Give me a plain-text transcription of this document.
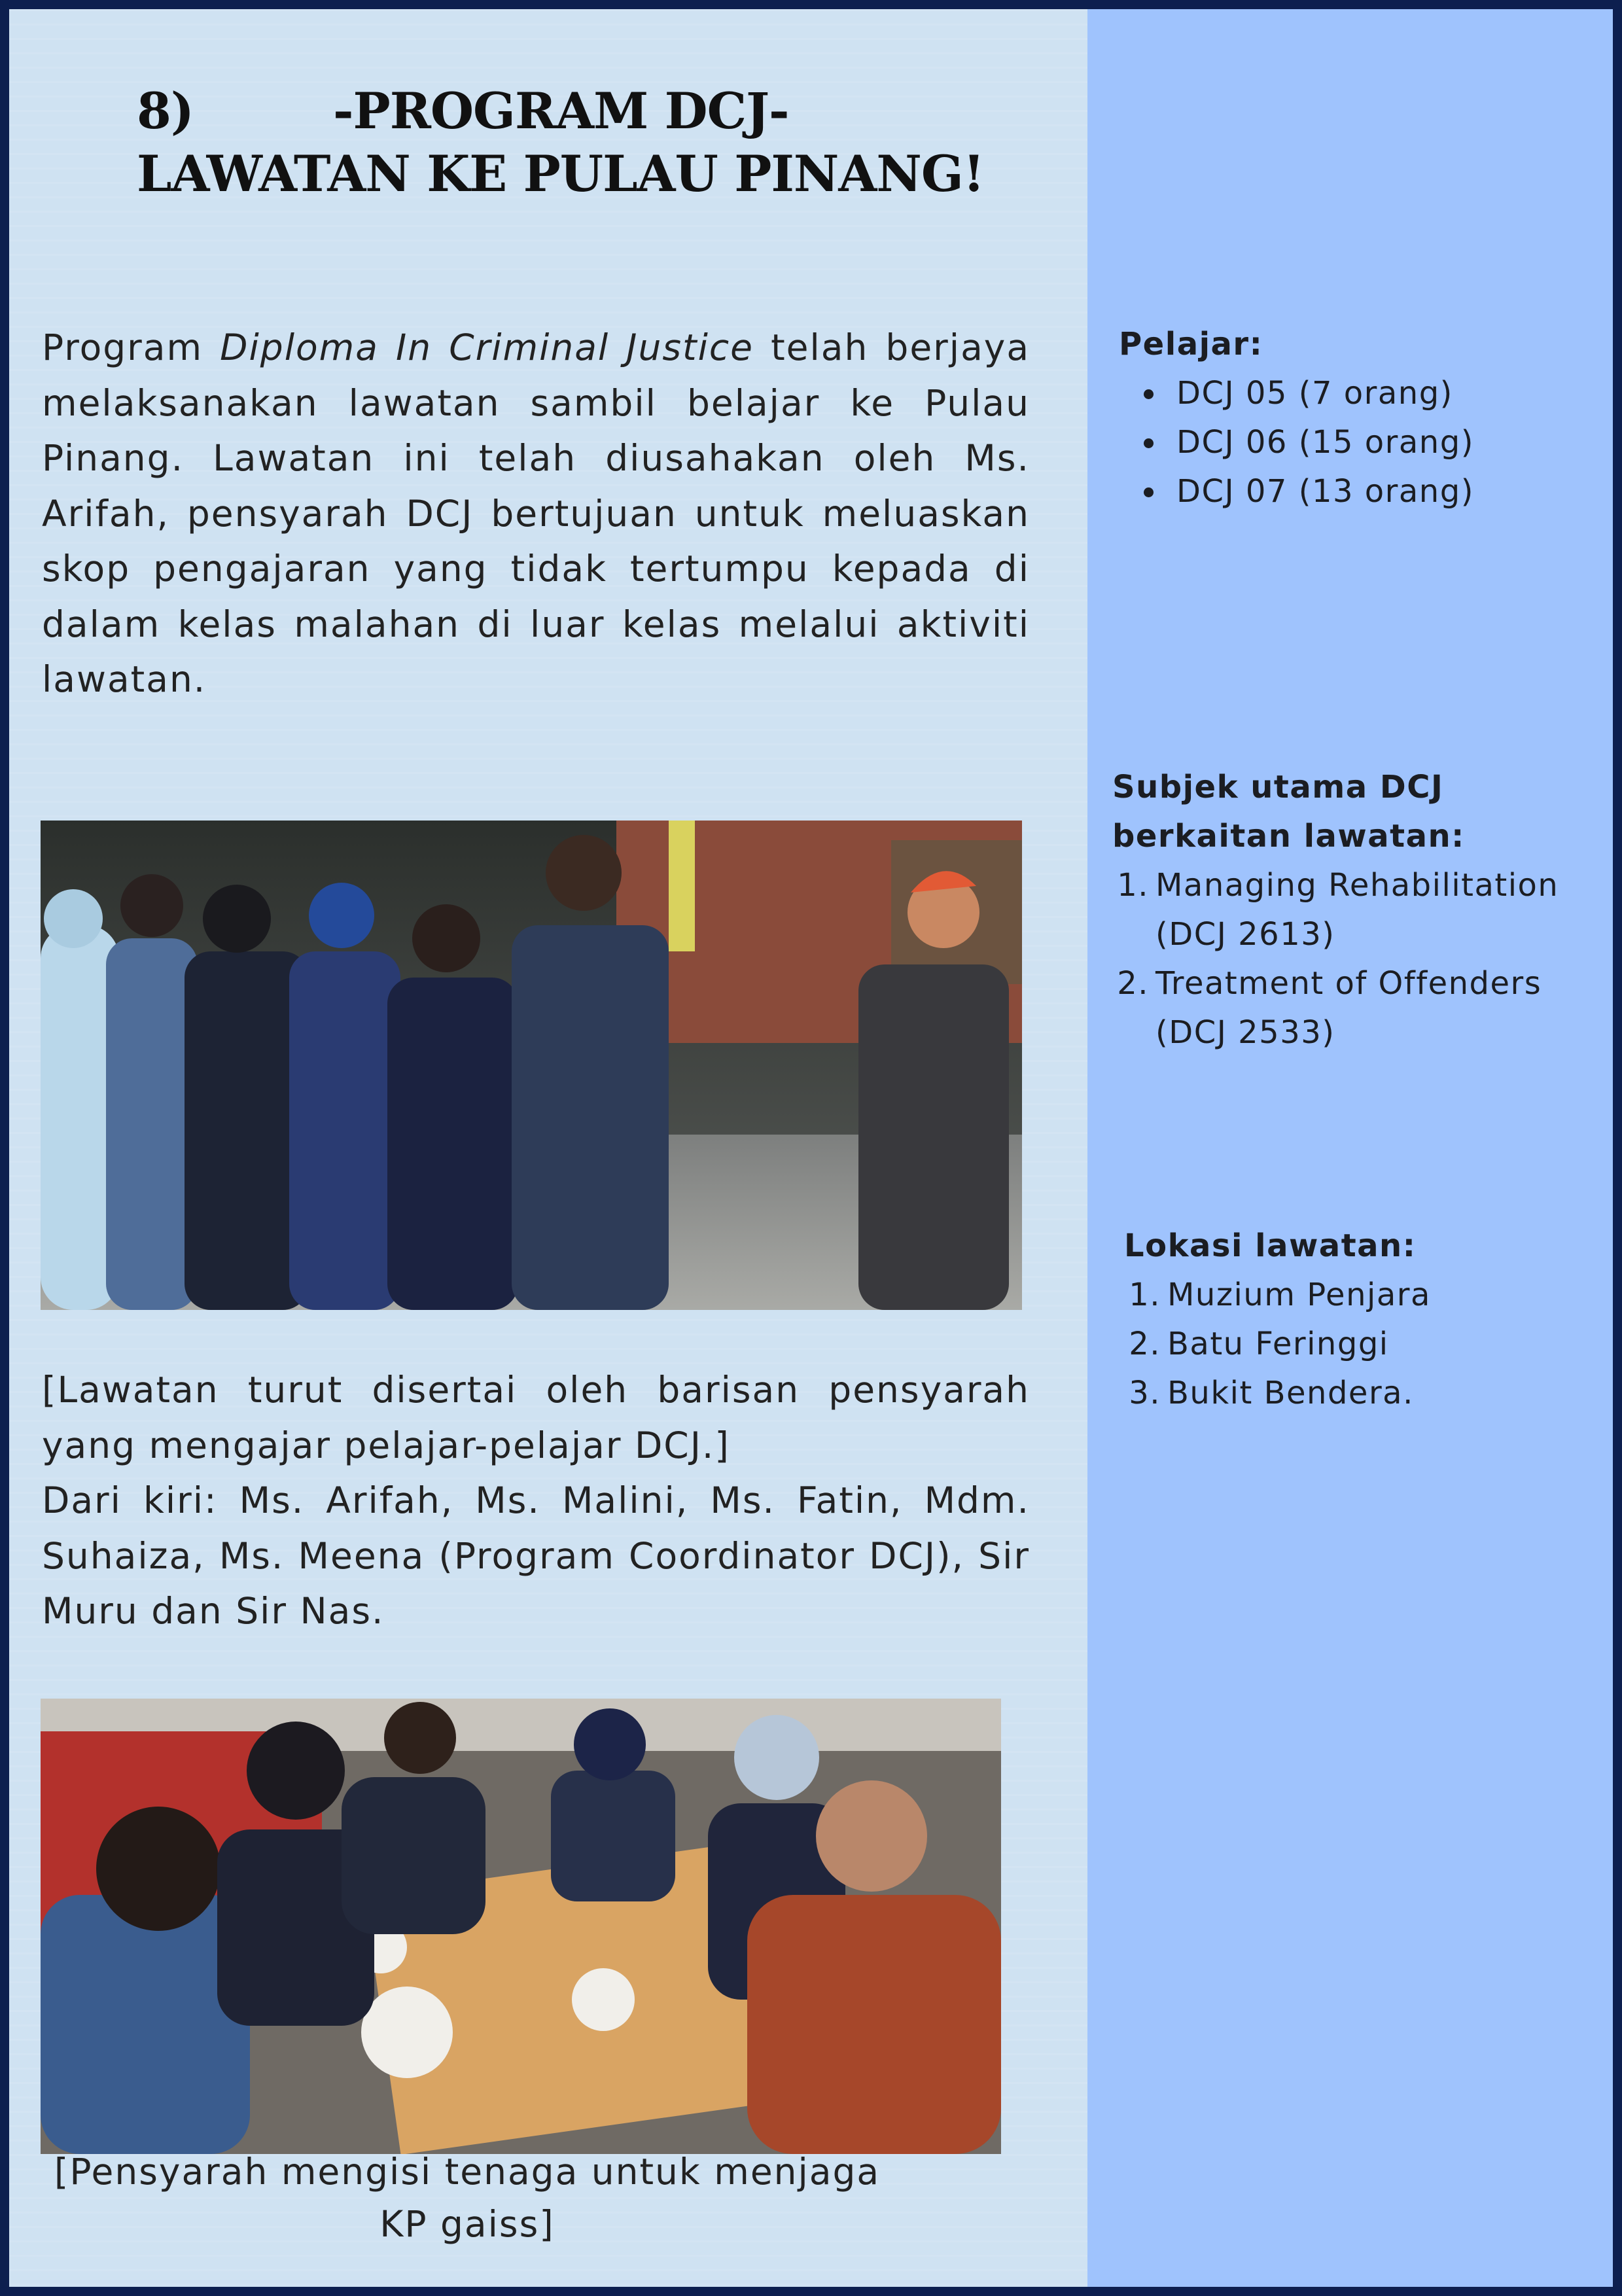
8)	-PROGRAM DCJ-
LAWATAN KE PULAU PINANG!
Program Diploma In Criminal Justice telah berjaya melaksanakan lawatan sambil belajar ke Pulau Pinang. Lawatan ini telah diusahakan oleh Ms. Arifah, pensyarah DCJ bertujuan untuk meluaskan skop pengajaran yang tidak tertumpu kepada di dalam kelas malahan di luar kelas melalui aktiviti lawatan.
[Lawatan turut disertai oleh barisan pensyarah yang mengajar pelajar-pelajar DCJ.]
Dari kiri: Ms. Arifah, Ms. Malini, Ms. Fatin, Mdm. Suhaiza, Ms. Meena (Program Coordinator DCJ), Sir Muru dan Sir Nas.
[Pensyarah mengisi tenaga untuk menjaga
KP gaiss]
Pelajar:
DCJ 05 (7 orang)
DCJ 06 (15 orang)
DCJ 07 (13 orang)
Subjek utama DCJ
berkaitan lawatan:
1. Managing Rehabilitation
(DCJ 2613)
2. Treatment of Offenders
(DCJ 2533)
Lokasi lawatan:
1. Muzium Penjara
2. Batu Feringgi
3. Bukit Bendera.
